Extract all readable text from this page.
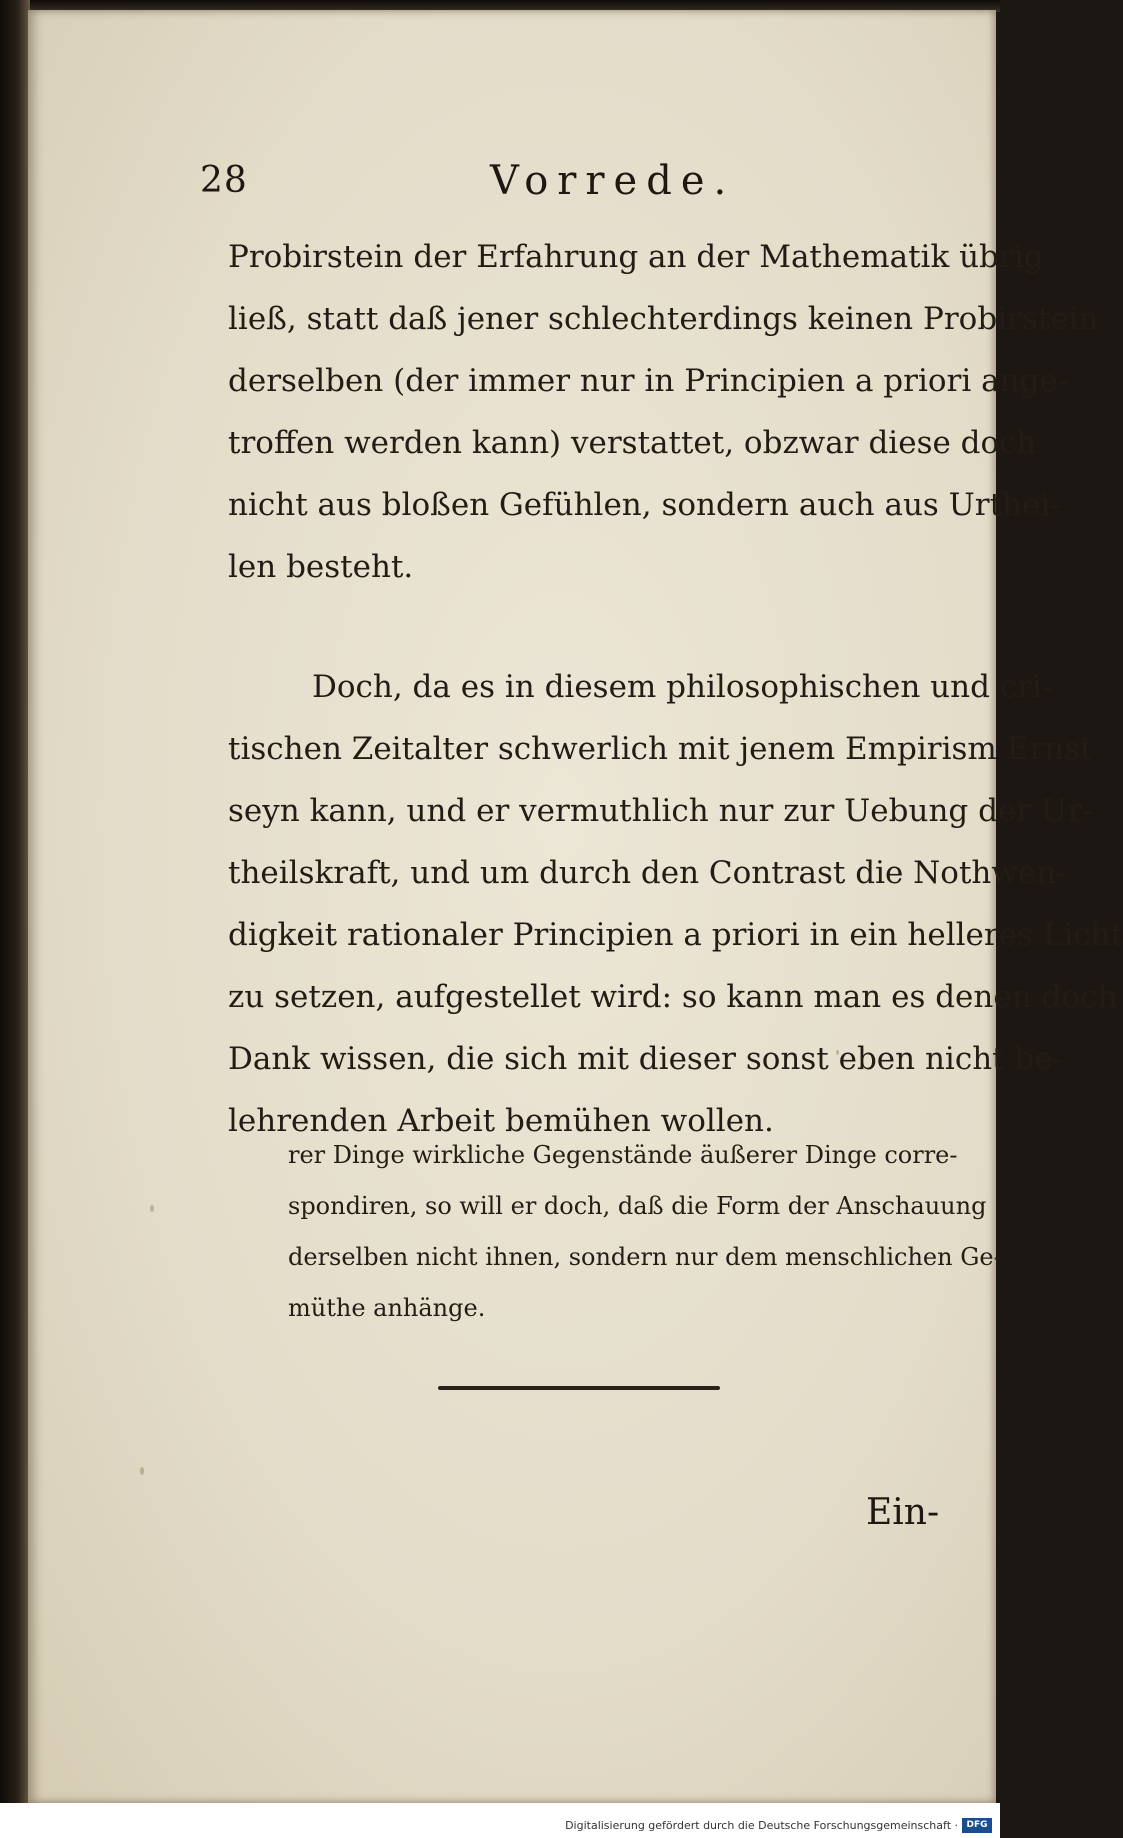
28	Vorrede.

Probirstein der Erfahrung an der Mathematik übrig
ließ, statt daß jener schlechterdings keinen Probirstein
derselben (der immer nur in Principien a priori ange-
troffen werden kann) verstattet, obzwar diese doch
nicht aus bloßen Gefühlen, sondern auch aus Urthei-
len besteht.

Doch, da es in diesem philosophischen und cri-
tischen Zeitalter schwerlich mit jenem Empirism Ernst
seyn kann, und er vermuthlich nur zur Uebung der Ur-
theilskraft, und um durch den Contrast die Nothwen-
digkeit rationaler Principien a priori in ein helleres Licht
zu setzen, aufgestellet wird: so kann man es denen doch
Dank wissen, die sich mit dieser sonst eben nicht be-
lehrenden Arbeit bemühen wollen.

rer Dinge wirkliche Gegenstände äußerer Dinge corre-
spondiren, so will er doch, daß die Form der Anschauung
derselben nicht ihnen, sondern nur dem menschlichen Ge-
müthe anhänge.
Ein-
Digitalisierung gefördert durch die Deutsche Forschungsgemeinschaft · DFG
